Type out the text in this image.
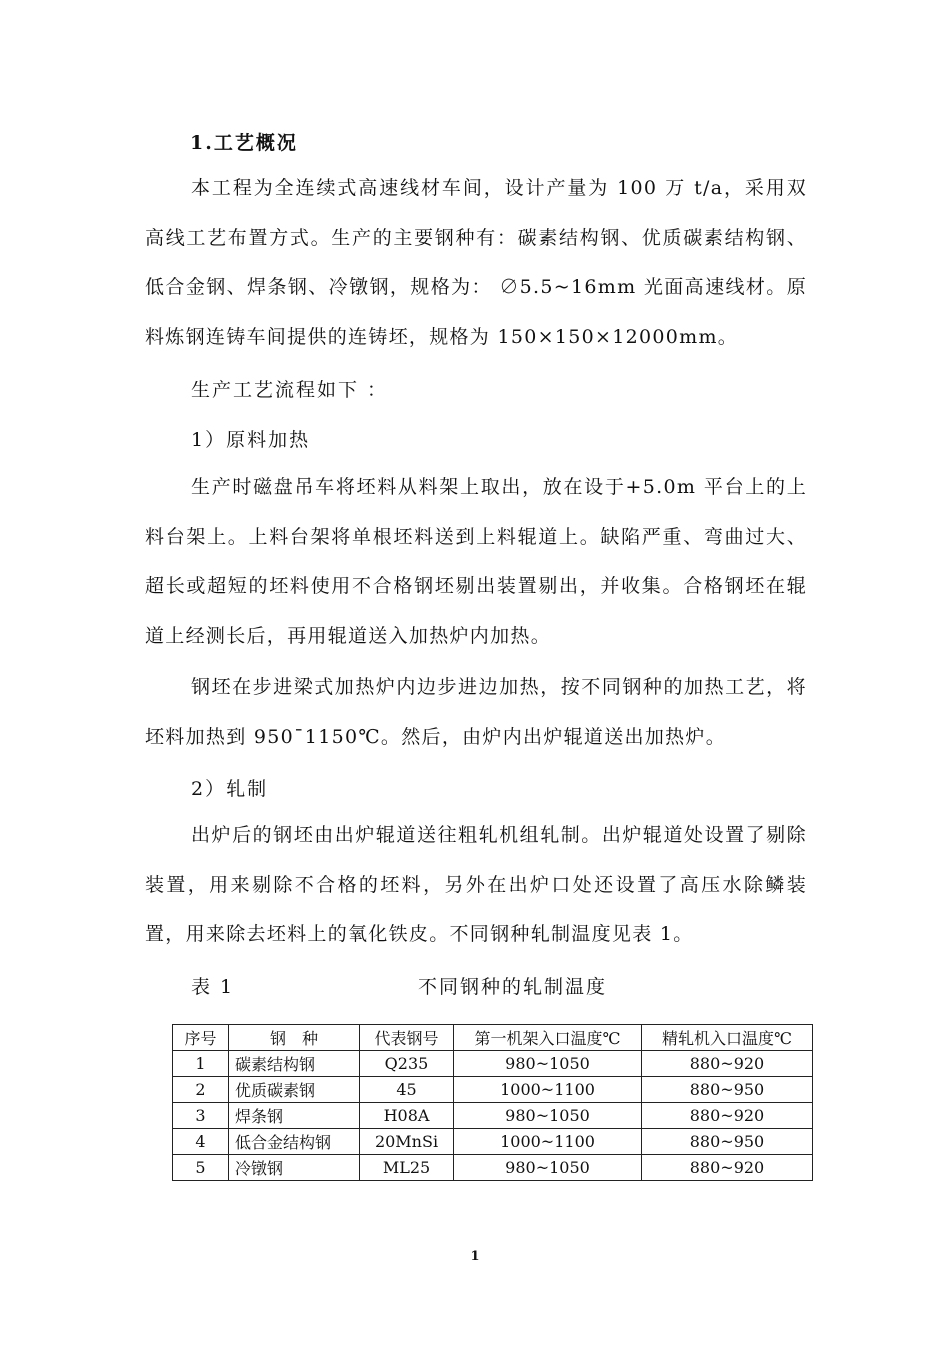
1.工艺概况

本工程为全连续式高速线材车间，设计产量为 100 万 t/a，采用双高线工艺布置方式。生产的主要钢种有：碳素结构钢、优质碳素结构钢、低合金钢、焊条钢、冷镦钢，规格为： ∅5.5~16mm 光面高速线材。原料炼钢连铸车间提供的连铸坯，规格为 150×150×12000mm。

生产工艺流程如下 ：
1）原料加热

生产时磁盘吊车将坯料从料架上取出，放在设于+5.0m 平台上的上料台架上。上料台架将单根坯料送到上料辊道上。缺陷严重、弯曲过大、超长或超短的坯料使用不合格钢坯剔出装置剔出，并收集。合格钢坯在辊道上经测长后，再用辊道送入加热炉内加热。

钢坯在步进梁式加热炉内边步进边加热，按不同钢种的加热工艺，将坯料加热到 950¯1150℃。然后，由炉内出炉辊道送出加热炉。

2）轧制

出炉后的钢坯由出炉辊道送往粗轧机组轧制。出炉辊道处设置了剔除装置，用来剔除不合格的坯料，另外在出炉口处还设置了高压水除鳞装置，用来除去坯料上的氧化铁皮。不同钢种轧制温度见表 1。

表 1	不同钢种的轧制温度
序号	钢　种	代表钢号	第一机架入口温度℃	精轧机入口温度℃
1	碳素结构钢	Q235	980~1050	880~920
2	优质碳素钢	45	1000~1100	880~950
3	焊条钢	H08A	980~1050	880~920
4	低合金结构钢	20MnSi	1000~1100	880~950
5	冷镦钢	ML25	980~1050	880~920
1
